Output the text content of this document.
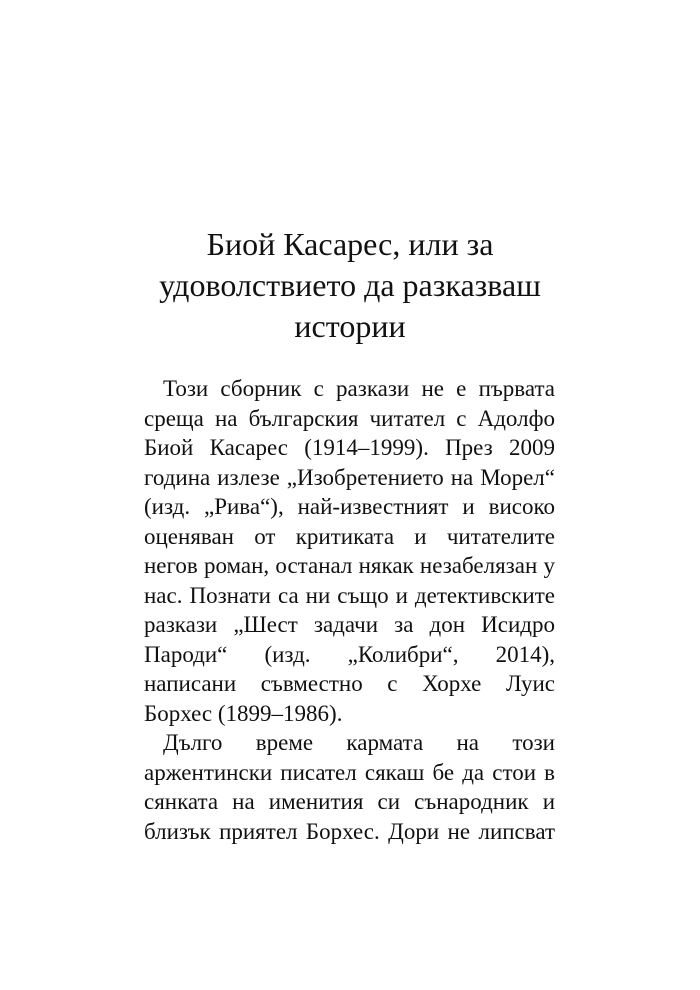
Биой Касарес, или за
удоволствието да разказваш
истории

Този сборник с разкази не е първата
среща на българския читател с Адолфо
Биой Касарес (1914–1999). През 2009
година излезе „Изобретението на Морел“
(изд. „Рива“), най-известният и високо
оценяван от критиката и читателите
негов роман, останал някак незабелязан у
нас. Познати са ни също и детективските
разкази „Шест задачи за дон Исидро
Пароди“ (изд. „Колибри“, 2014),
написани съвместно с Хорхе Луис
Борхес (1899–1986).

Дълго време кармата на този
аржентински писател сякаш бе да стои в
сянката на именития си сънародник и
близък приятел Борхес. Дори не липсват
